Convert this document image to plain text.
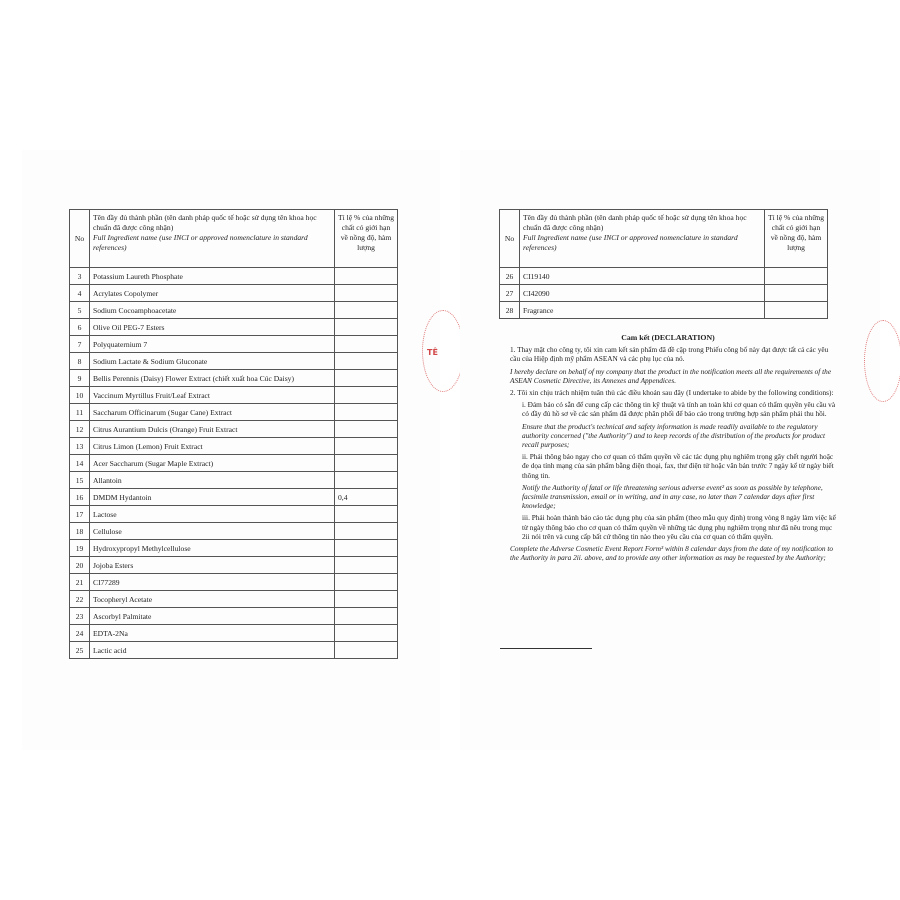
No	Tên đầy đủ thành phần (tên danh pháp quốc tế hoặc sử dụng tên khoa học chuẩn đã được công nhận)
Full Ingredient name (use INCI or approved nomenclature in standard references)	Tỉ lệ % của những chất có giới hạn về nồng độ, hàm lượng
3	Potassium Laureth Phosphate	
4	Acrylates Copolymer	
5	Sodium Cocoamphoacetate	
6	Olive Oil PEG-7 Esters	
7	Polyquaternium 7	
8	Sodium Lactate & Sodium Gluconate	
9	Bellis Perennis (Daisy) Flower Extract (chiết xuất hoa Cúc Daisy)	
10	Vaccinum Myrtillus Fruit/Leaf Extract	
11	Saccharum Officinarum (Sugar Cane) Extract	
12	Citrus Aurantium Dulcis (Orange) Fruit Extract	
13	Citrus Limon (Lemon) Fruit Extract	
14	Acer Saccharum (Sugar Maple Extract)	
15	Allantoin	
16	DMDM Hydantoin	0,4
17	Lactose	
18	Cellulose	
19	Hydroxypropyl Methylcellulose	
20	Jojoba Esters	
21	CI77289	
22	Tocopheryl Acetate	
23	Ascorbyl Palmitate	
24	EDTA-2Na	
25	Lactic acid	
TÊ
No	Tên đầy đủ thành phần (tên danh pháp quốc tế hoặc sử dụng tên khoa học chuẩn đã được công nhận)
Full Ingredient name (use INCI or approved nomenclature in standard references)	Tỉ lệ % của những chất có giới hạn về nồng độ, hàm lượng
26	CI19140	
27	CI42090	
28	Fragrance	

Cam kết (DECLARATION)

1. Thay mặt cho công ty, tôi xin cam kết sản phẩm đã đề cập trong Phiếu công bố này đạt được tất cả các yêu cầu của Hiệp định mỹ phẩm ASEAN và các phụ lục của nó.

I hereby declare on behalf of my company that the product in the notification meets all the requirements of the ASEAN Cosmetic Directive, its Annexes and Appendices.

2. Tôi xin chịu trách nhiệm tuân thủ các điều khoản sau đây (I undertake to abide by the following conditions):

i. Đảm bảo có sẵn để cung cấp các thông tin kỹ thuật và tính an toàn khi cơ quan có thẩm quyền yêu cầu và có đầy đủ hồ sơ về các sản phẩm đã được phân phối để báo cáo trong trường hợp sản phẩm phải thu hồi.

Ensure that the product's technical and safety information is made readily available to the regulatory authority concerned ("the Authority") and to keep records of the distribution of the products for product recall purposes;

ii. Phải thông báo ngay cho cơ quan có thẩm quyền về các tác dụng phụ nghiêm trọng gây chết người hoặc đe dọa tính mạng của sản phẩm bằng điện thoại, fax, thư điện tử hoặc văn bản trước 7 ngày kể từ ngày biết thông tin.

Notify the Authority of fatal or life threatening serious adverse event² as soon as possible by telephone, facsimile transmission, email or in writing, and in any case, no later than 7 calendar days after first knowledge;

iii. Phải hoàn thành báo cáo tác dụng phụ của sản phẩm (theo mẫu quy định) trong vòng 8 ngày làm việc kể từ ngày thông báo cho cơ quan có thẩm quyền về những tác dụng phụ nghiêm trọng như đã nêu trong mục 2ii nói trên và cung cấp bất cứ thông tin nào theo yêu cầu của cơ quan có thẩm quyền.

Complete the Adverse Cosmetic Event Report Form³ within 8 calendar days from the date of my notification to the Authority in para 2ii. above, and to provide any other information as may be requested by the Authority;
